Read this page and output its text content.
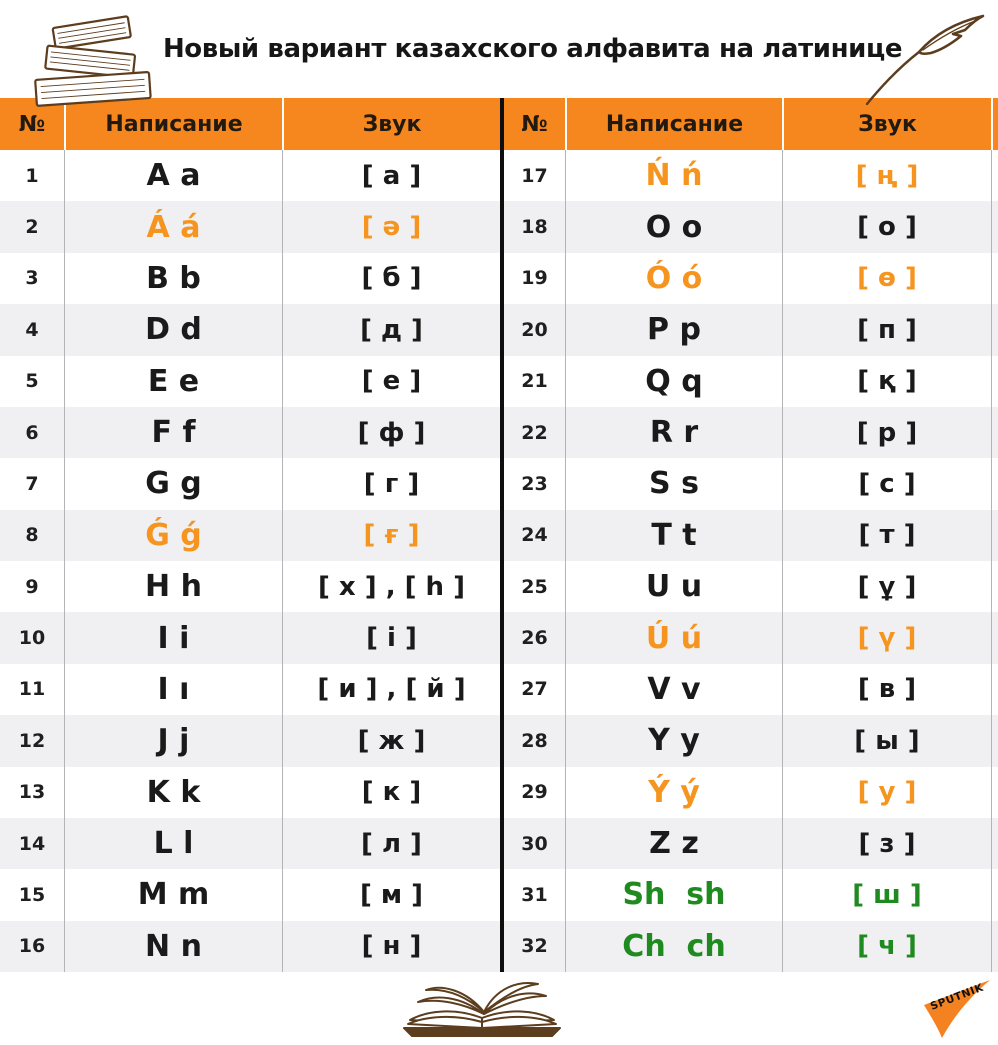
Новый вариант казахского алфавита на латинице
№	Написание	Звук
1	A a	[ а ]
2	Á á	[ ә ]
3	B b	[ б ]
4	D d	[ д ]
5	E e	[ е ]
6	F f	[ ф ]
7	G g	[ г ]
8	Ǵ ǵ	[ ғ ]
9	H h	[ х ] , [ h ]
10	I i	[ і ]
11	I ı	[ и ] , [ й ]
12	J j	[ ж ]
13	K k	[ к ]
14	L l	[ л ]
15	M m	[ м ]
16	N n	[ н ]
№	Написание	Звук
17	Ń ń	[ ң ]
18	O o	[ о ]
19	Ó ó	[ ө ]
20	P p	[ п ]
21	Q q	[ қ ]
22	R r	[ р ]
23	S s	[ с ]
24	T t	[ т ]
25	U u	[ ұ ]
26	Ú ú	[ ү ]
27	V v	[ в ]
28	Y y	[ ы ]
29	Ý ý	[ у ]
30	Z z	[ з ]
31	Sh  sh	[ ш ]
32	Ch  ch	[ ч ]
SPUTNIK
